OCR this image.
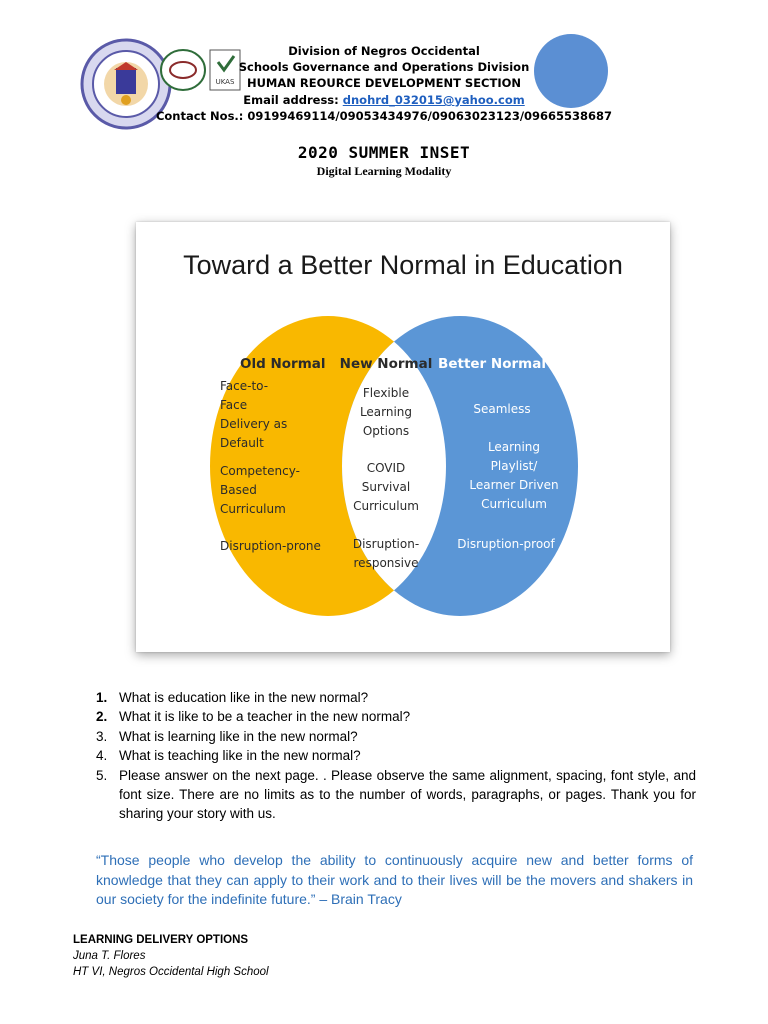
UKAS
Division of Negros Occidental
Schools Governance and Operations Division
HUMAN REOURCE DEVELOPMENT SECTION
Email address: dnohrd_032015@yahoo.com
Contact Nos.: 09199469114/09053434976/09063023123/09665538687
2020 SUMMER INSET
Digital Learning Modality
Toward a Better Normal in Education
Old Normal
Face-to-
Face
Delivery as
Default
Competency-
Based
Curriculum
Disruption-prone
New Normal
Flexible
Learning
Options
COVID
Survival
Curriculum
Disruption-
responsive
Better Normal
Seamless
Learning
Playlist/
Learner Driven
Curriculum
Disruption-proof
1. What is education like in the new normal?
2. What it is like to be a teacher in the new normal?
3. What is learning like in the new normal?
4. What is teaching like in the new normal?
5. Please answer on the next page. . Please observe the same alignment, spacing, font style, and font size. There are no limits as to the number of words, paragraphs, or pages. Thank you for sharing your story with us.
“Those people who develop the ability to continuously acquire new and better forms of knowledge that they can apply to their work and to their lives will be the movers and shakers in our society for the indefinite future.” – Brain Tracy
LEARNING DELIVERY OPTIONS
Juna T. Flores
HT VI, Negros Occidental High School
